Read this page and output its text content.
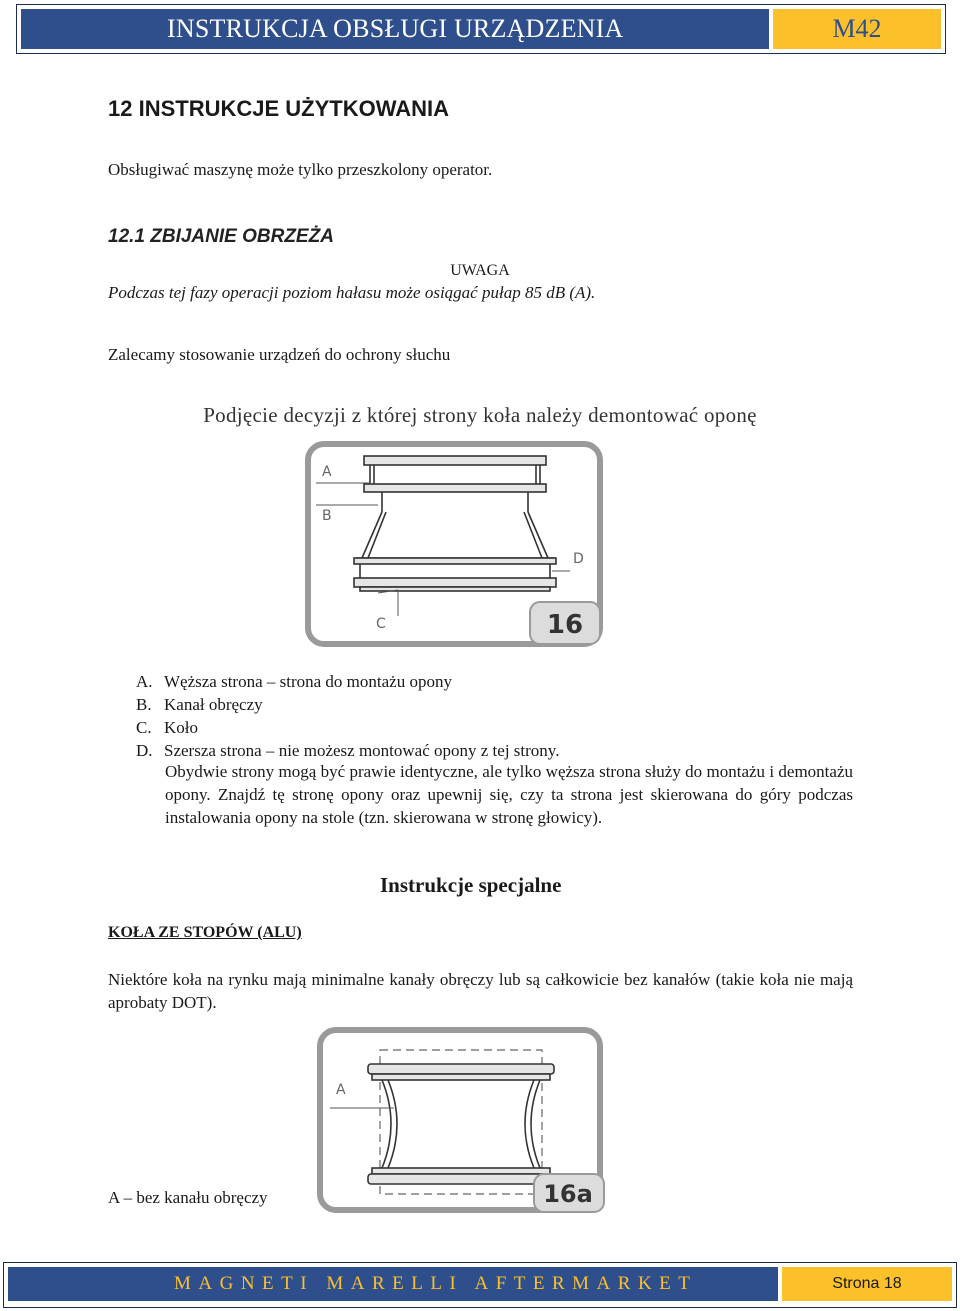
INSTRUKCJA OBSŁUGI URZĄDZENIA	M42
12 INSTRUKCJE UŻYTKOWANIA
Obsługiwać maszynę może tylko przeszkolony operator.
12.1 ZBIJANIE OBRZEŻA
UWAGA
Podczas tej fazy operacji poziom hałasu może osiągać pułap 85 dB (A).
Zalecamy stosowanie urządzeń do ochrony słuchu
Podjęcie decyzji z której strony koła należy demontować oponę
A
B
C
D
16
A. Węższa strona – strona do montażu opony
B. Kanał obręczy
C. Koło
D. Szersza strona – nie możesz montować opony z tej strony.
Obydwie strony mogą być prawie identyczne, ale tylko węższa strona służy do montażu i demontażu opony. Znajdź tę stronę opony oraz upewnij się, czy ta strona jest skierowana do góry podczas instalowania opony na stole (tzn. skierowana w stronę głowicy).
Instrukcje specjalne
KOŁA ZE STOPÓW (ALU)
Niektóre koła na rynku mają minimalne kanały obręczy lub są całkowicie bez kanałów (takie koła nie mają aprobaty DOT).
A
16a
A – bez kanału obręczy
MAGNETI MARELLI AFTERMARKET	Strona 18
